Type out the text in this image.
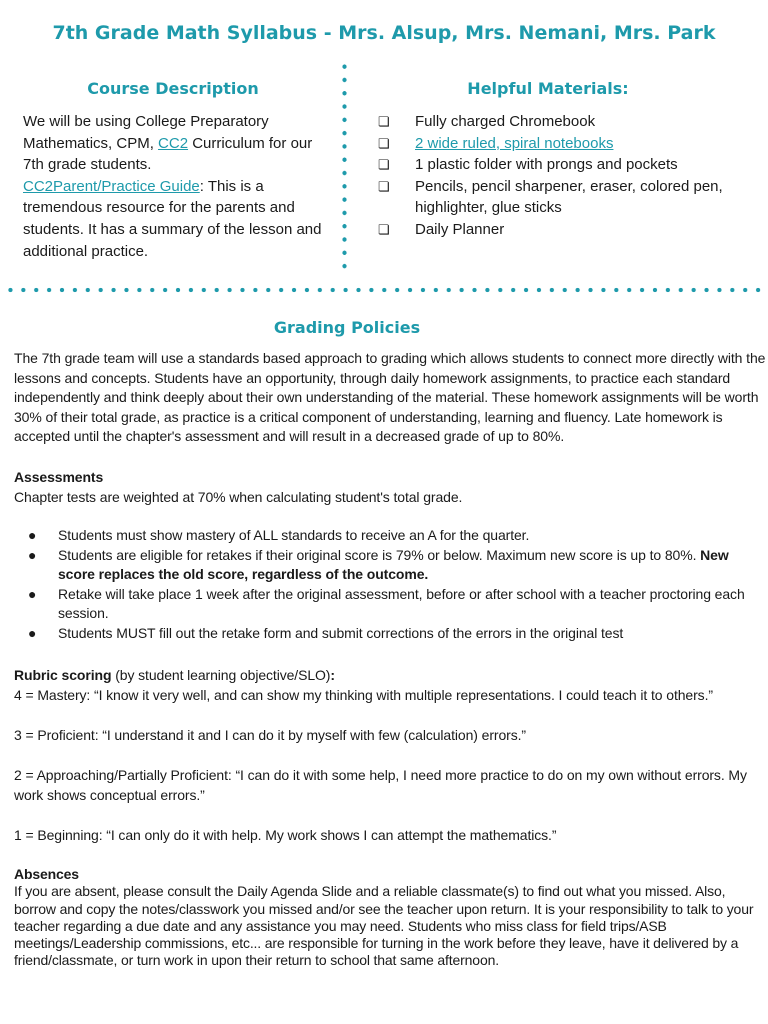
7th Grade Math Syllabus - Mrs. Alsup, Mrs. Nemani, Mrs. Park
Course Description	Helpful Materials:
We will be using College Preparatory Mathematics, CPM, CC2 Curriculum for our 7th grade students.
CC2Parent/Practice Guide: This is a tremendous resource for the parents and students. It has a summary of the lesson and additional practice.
❏ Fully charged Chromebook
❏ 2 wide ruled, spiral notebooks
❏ 1 plastic folder with prongs and pockets
❏ Pencils, pencil sharpener, eraser, colored pen, highlighter, glue sticks
❏ Daily Planner
Grading Policies
The 7th grade team will use a standards based approach to grading which allows students to connect more directly with the lessons and concepts. Students have an opportunity, through daily homework assignments, to practice each standard independently and think deeply about their own understanding of the material. These homework assignments will be worth 30% of their total grade, as practice is a critical component of understanding, learning and fluency. Late homework is accepted until the chapter's assessment and will result in a decreased grade of up to 80%.
Assessments
Chapter tests are weighted at 70% when calculating student's total grade.
● Students must show mastery of ALL standards to receive an A for the quarter.
● Students are eligible for retakes if their original score is 79% or below. Maximum new score is up to 80%. New score replaces the old score, regardless of the outcome.
● Retake will take place 1 week after the original assessment, before or after school with a teacher proctoring each session.
● Students MUST fill out the retake form and submit corrections of the errors in the original test
Rubric scoring (by student learning objective/SLO):
4 = Mastery: “I know it very well, and can show my thinking with multiple representations. I could teach it to others.”
3 = Proficient: “I understand it and I can do it by myself with few (calculation) errors.”
2 = Approaching/Partially Proficient: “I can do it with some help, I need more practice to do on my own without errors. My work shows conceptual errors.”
1 = Beginning: “I can only do it with help. My work shows I can attempt the mathematics.”
Absences
If you are absent, please consult the Daily Agenda Slide and a reliable classmate(s) to find out what you missed. Also, borrow and copy the notes/classwork you missed and/or see the teacher upon return. It is your responsibility to talk to your teacher regarding a due date and any assistance you may need. Students who miss class for field trips/ASB meetings/Leadership commissions, etc... are responsible for turning in the work before they leave, have it delivered by a friend/classmate, or turn work in upon their return to school that same afternoon.
